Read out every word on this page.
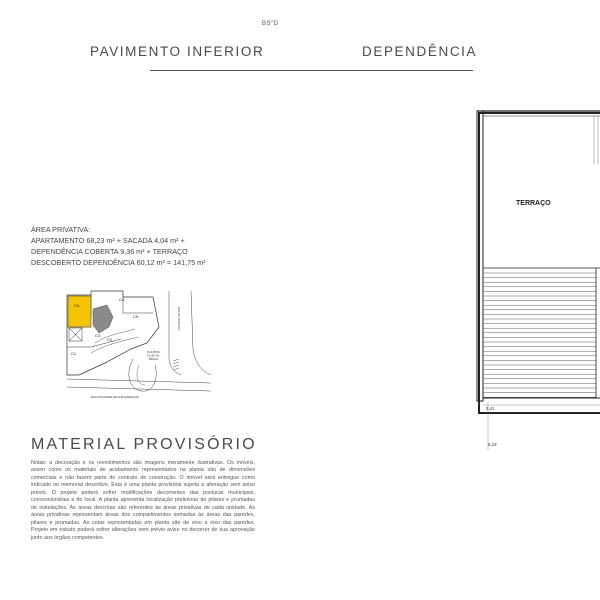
BS"D
PAVIMENTO INFERIOR	DEPENDÊNCIA
ÁREA PRIVATIVA:
APARTAMENTO 68,23 m² + SACADA 4,04 m² +
DEPENDÊNCIA COBERTA 9,36 m² + TERRAÇO
DESCOBERTO DEPENDÊNCIA 60,12 m² = 141,75 m²
C6
C4
C5
C3
C2
C1
RUA DR. BARTOLO
PÇA PROF.
ALCEU W.
BRAGA
RUA VISCONDE DE ALBUQUERQUE
MATERIAL PROVISÓRIO
Notas: a decoração e os revestimentos são imagens meramente ilustrativas. Os móveis, assim como os materiais de acabamento representados na planta são de dimensões comerciais e não fazem parte do contrato de construção. O imóvel será entregue como indicado no memorial descritivo. Esta é uma planta provisória sujeita a alteração sem aviso prévio. O projeto poderá sofrer modificações decorrentes das posturas municipais, concessionárias e do local. A planta apresenta localização preliminar de pilares e prumadas de instalações. As áreas descritas são referentes às áreas privativas de cada unidade. As áreas privativas representam áreas dos compartimentos somadas às áreas das paredes, pilares e prumadas. As cotas representadas em planta são de eixo a eixo das paredes. Projeto em estudo poderá sofrer alterações sem prévio aviso no decorrer de sua aprovação junto aos órgãos competentes.
TERRAÇO
3,41
6,19
